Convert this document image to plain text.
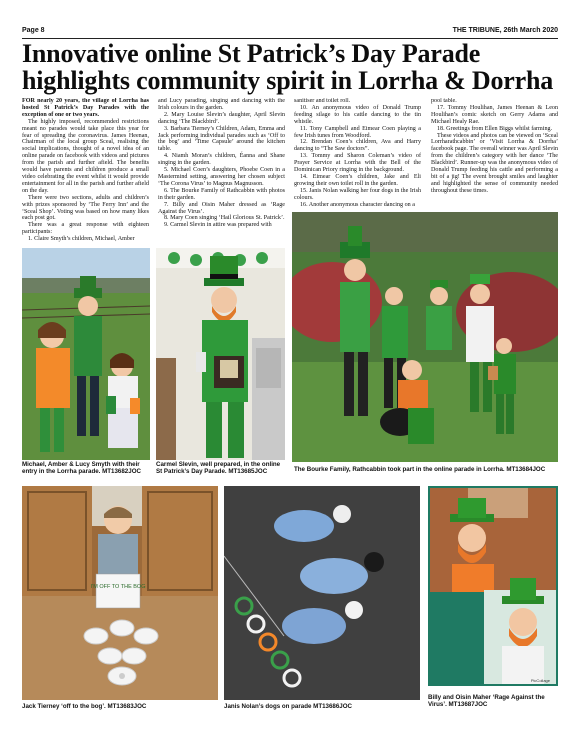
Page 8	THE TRIBUNE, 26th March 2020
Innovative online St Patrick’s Day Parade
highlights community spirit in Lorrha & Dorrha

FOR nearly 20 years, the village of Lorrha has hosted St Patrick’s Day Parades with the exception of one or two years.

The highly imposed, recommended restrictions meant no parades would take place this year for fear of spreading the coronavirus. James Heenan, Chairman of the local group Sceal, realising the social implications, thought of a novel idea of an online parade on facebook with videos and pictures from the parish and further afield. The benefits would have parents and children produce a small video celebrating the event whilst it would provide entertainment for all in the parish and further afield on the day.

There were two sections, adults and children’s with prizes sponsored by ‘The Ferry Inn’ and the ‘Sceal Shop’. Voting was based on how many likes each post got.

There was a great response with eighteen participants:

1. Claire Smyth’s children, Michael, Amber

and Lucy parading, singing and dancing with the Irish colours in the garden.

2. Mary Louise Slevin’s daughter, April Slevin dancing ‘The Blackbird’.

3. Barbara Tierney’s Children, Adam, Emma and Jack performing individual parades such as ‘Off to the bog’ and ‘Time Capsule’ around the kitchen table.

4. Niamh Moran’s children, Éanna and Shane singing in the garden.

5. Michael Coen’s daughters, Phoebe Coen in a Mastermind setting, answering her chosen subject ‘The Corona Virus’ to Magnus Magnusson.

6. The Bourke Family of Rathcabbin with photos in their garden.

7. Billy and Oisin Maher dressed as ‘Rage Against the Virus’.

8. Mary Coen singing ‘Hail Glorious St. Patrick’.

9. Carmel Slevin in attire was prepared with

sanitiser and toilet roll.

10. An anonymous video of Donald Trump feeding silage to his cattle dancing to the tin whistle.

11. Tony Campbell and Eimear Coen playing a few Irish tunes from Woodford.

12. Brendan Coen’s children, Ava and Harry dancing to “The Saw doctors”.

13. Tommy and Sharon Coleman’s video of Prayer Service at Lorrha with the Bell of the Dominican Priory ringing in the background.

14. Eimear Coen’s children, Jake and Eli growing their own toilet roll in the garden.

15. Janis Nolan walking her four dogs in the Irish colours.

16. Another anonymous character dancing on a

pool table.

17. Tommy Houlihan, James Heenan & Leon Houlihan’s comic sketch on Gerry Adams and Michael Healy Rae.

18. Greetings from Ellen Biggs whilst farming.

These videos and photos can be viewed on ‘Sceal Lorrharathcabbin’ or ‘Visit Lorrha & Dorrha’ facebook page. The overall winner was April Slevin from the children’s category with her dance ‘The Blackbird’. Runner-up was the anonymous video of Donald Trump feeding his cattle and performing a bit of a jig! The event brought smiles and laughter and highlighted the sense of community needed throughout these times.

Michael, Amber & Lucy Smyth with their entry in the Lorrha parade. MT13682JOC
Carmel Slevin, well prepared, in the online St Patrick’s Day Parade. MT13685JOC	The Bourke Family, Rathcabbin took part in the online parade in Lorrha. MT13684JOC
I’M OFF TO THE BOG
Jack Tierney ‘off to the bog’. MT13683JOC	Janis Nolan’s dogs on parade MT13686JOC
PicCollage
Billy and Oisin Maher ‘Rage Against the Virus’. MT13687JOC
